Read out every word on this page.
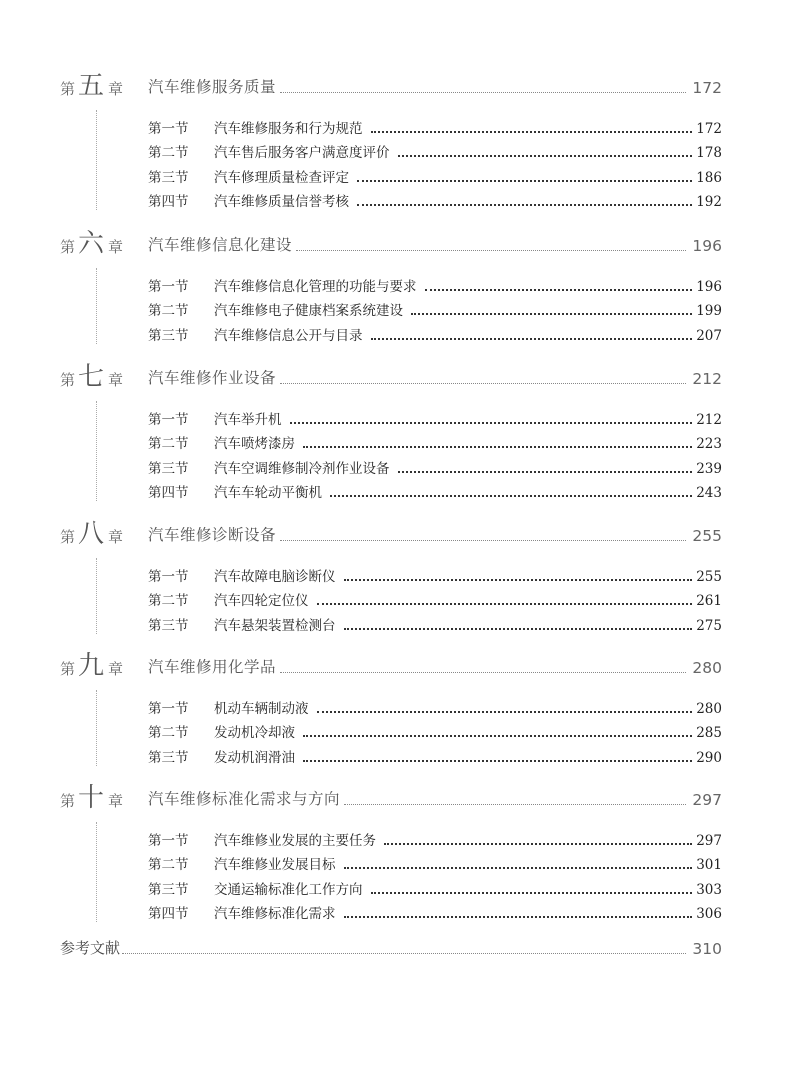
第 五 章 汽车维修服务质量	172
第一节	汽车维修服务和行为规范	172
第二节	汽车售后服务客户满意度评价	178
第三节	汽车修理质量检查评定	186
第四节	汽车维修质量信誉考核	192
第 六 章 汽车维修信息化建设	196
第一节	汽车维修信息化管理的功能与要求	196
第二节	汽车维修电子健康档案系统建设	199
第三节	汽车维修信息公开与目录	207
第 七 章 汽车维修作业设备	212
第一节	汽车举升机	212
第二节	汽车喷烤漆房	223
第三节	汽车空调维修制冷剂作业设备	239
第四节	汽车车轮动平衡机	243
第 八 章 汽车维修诊断设备	255
第一节	汽车故障电脑诊断仪	255
第二节	汽车四轮定位仪	261
第三节	汽车悬架装置检测台	275
第 九 章 汽车维修用化学品	280
第一节	机动车辆制动液	280
第二节	发动机冷却液	285
第三节	发动机润滑油	290
第 十 章 汽车维修标准化需求与方向	297
第一节	汽车维修业发展的主要任务	297
第二节	汽车维修业发展目标	301
第三节	交通运输标准化工作方向	303
第四节	汽车维修标准化需求	306
参考文献	310
